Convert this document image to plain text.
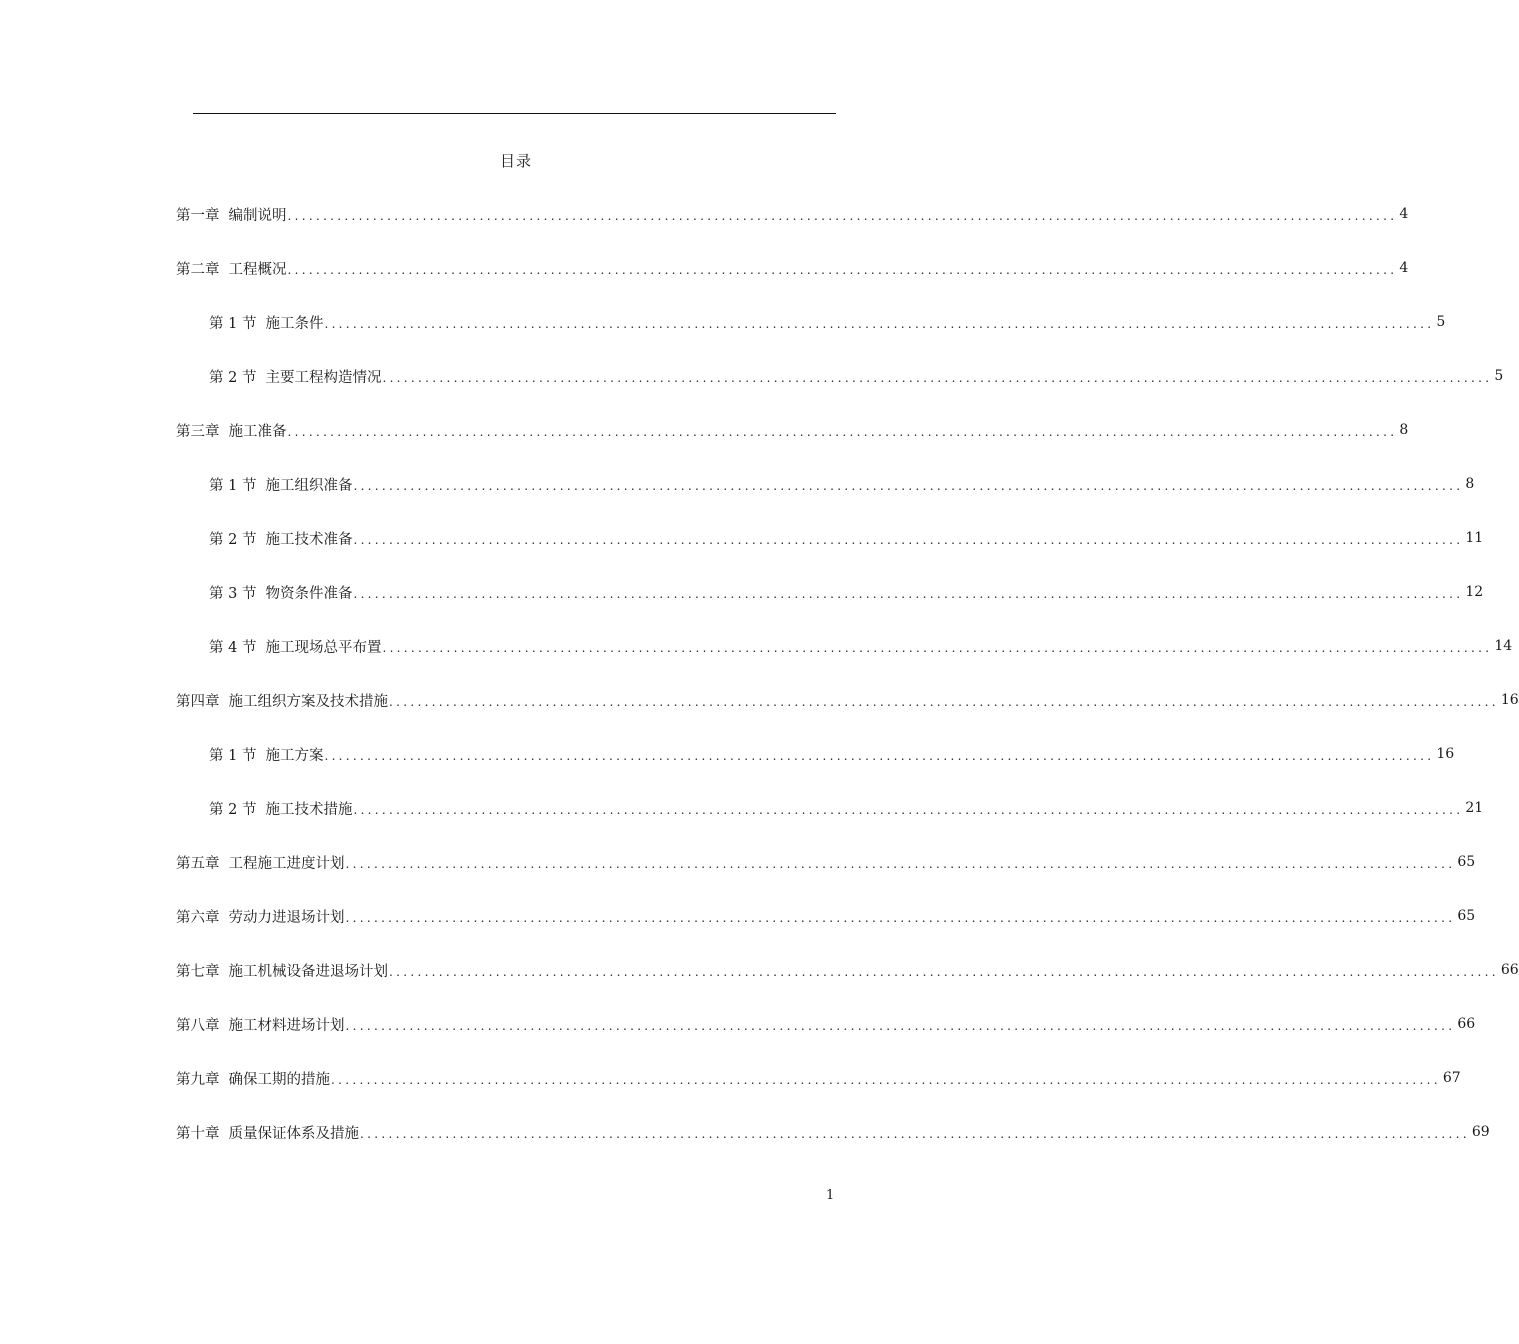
目录
第一章 编制说明 ............................................................................................................................................................ 4
第二章 工程概况 ............................................................................................................................................................ 4
第 1 节 施工条件 ............................................................................................................................................................ 5
第 2 节 主要工程构造情况 ............................................................................................................................................................ 5
第三章 施工准备 ............................................................................................................................................................ 8
第 1 节 施工组织准备 ............................................................................................................................................................ 8
第 2 节 施工技术准备 ............................................................................................................................................................ 11
第 3 节 物资条件准备 ............................................................................................................................................................ 12
第 4 节 施工现场总平布置 ............................................................................................................................................................ 14
第四章 施工组织方案及技术措施 ............................................................................................................................................................ 16
第 1 节 施工方案 ............................................................................................................................................................ 16
第 2 节 施工技术措施 ............................................................................................................................................................ 21
第五章 工程施工进度计划 ............................................................................................................................................................ 65
第六章 劳动力进退场计划 ............................................................................................................................................................ 65
第七章 施工机械设备进退场计划 ............................................................................................................................................................ 66
第八章 施工材料进场计划 ............................................................................................................................................................ 66
第九章 确保工期的措施 ............................................................................................................................................................ 67
第十章 质量保证体系及措施 ............................................................................................................................................................ 69
1
